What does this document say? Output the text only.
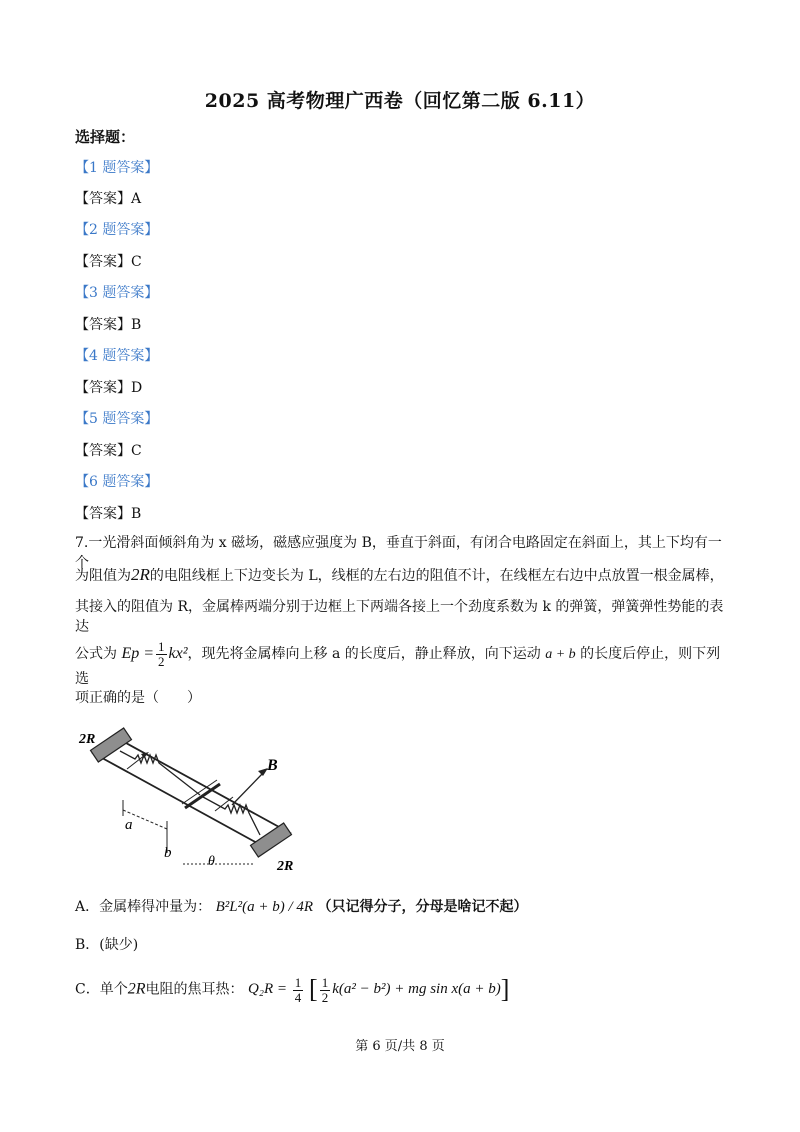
2025 高考物理广西卷（回忆第二版 6.11）
选择题：
【1 题答案】
【答案】A
【2 题答案】
【答案】C
【3 题答案】
【答案】B
【4 题答案】
【答案】D
【5 题答案】
【答案】C
【6 题答案】
【答案】B
7.一光滑斜面倾斜角为 x 磁场，磁感应强度为 B，垂直于斜面，有闭合电路固定在斜面上，其上下均有一个
为阻值为2R的电阻线框上下边变长为 L，线框的左右边的阻值不计，在线框左右边中点放置一根金属棒，
其接入的阻值为 R，金属棒两端分别于边框上下两端各接上一个劲度系数为 k 的弹簧，弹簧弹性势能的表达
公式为 $Ep = \frac{1}{2} kx^2$，现先将金属棒向上移 a 的长度后，静止释放，向下运动 a + b 的长度后停止，则下列选
项正确的是（　　）
B
2R
2R
a
b
θ
A．金属棒得冲量为： B²L²(a + b) / 4R （只记得分子，分母是啥记不起）
B．(缺少)
C．单个2R电阻的焦耳热： $Q_2R = \frac{1}{4}$ [ $\frac{1}{2} k(a^2 - b^2)$ + mg sin x(a + b)]
第 6 页/共 8 页
